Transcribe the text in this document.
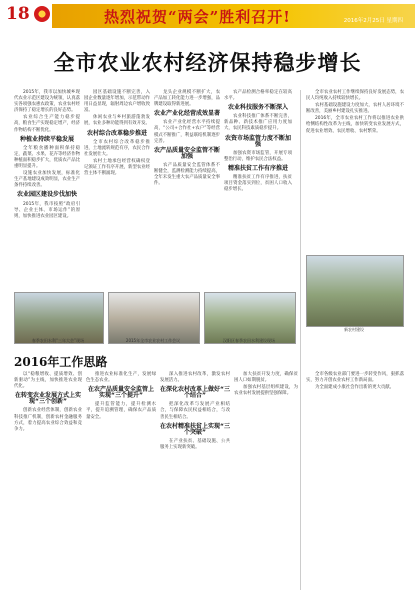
18	热烈祝贺“两会”胜利召开!	2016年2月25日 星期四
全市农业农村经济保持稳步增长

2015年，我市以加快城乡现代农业示范区建设为统领，认真落实各项强农惠农政策，农业农村经济保持了稳定增长的良好态势。

农业综合生产能力稳步提高，粮食生产实现稳定增产，经济作物结构不断优化。

种植业持续平稳发展

全年粮食播种面积保持稳定，蔬菜、水果、花卉等经济作物种植面积稳步扩大，优质农产品比重明显提升。

设施农业加快发展，标准化生产基地建设成效明显，农业生产条件持续改善。

农业园区建设步伐加快

2015年，我市按照“政府引导、企业主体、市场运作”的原则，加快推进农业园区建设。

园区基础设施不断完善，入园企业数量逐年增加，示范带动作用日益显现，辐射周边农户增收致富。

休闲农业与乡村旅游蓬勃发展，农业多种功能得到有效开发。

农村综合改革稳步推进

全市农村综合改革稳步推进，土地流转规范有序，农民合作社发展壮大。

农村土地承包经营权确权登记颁证工作有序开展，新型农业经营主体不断涌现。

龙头企业规模不断扩大，农产品加工转化能力进一步增强，品牌建设取得新进展。

农业产业化经营成效显著

农业产业化经营水平持续提高，“公司+合作社+农户”等经营模式不断推广，利益联结机制逐步完善。

农产品质量安全监管不断加强

农产品质量安全监管体系不断健全，监测检测能力持续提高，全年未发生重大农产品质量安全事件。

农产品检测合格率稳定在较高水平。

农业科技服务不断深入

农业科技推广体系不断完善，新品种、新技术推广应用力度加大，农民科技素质稳步提升。

农资市场监管力度不断加强

加强农资市场监管，开展专项整治行动，维护农民合法权益。

精准扶贫工作有序推进

精准扶贫工作有序推进，扶贫项目资金落实到位，贫困人口收入稳步增长。

全市农业农村工作继续保持良好发展态势，农民人均纯收入持续较快增长。

农村基础设施建设力度加大，农村人居环境不断改善，美丽乡村建设扎实推进。

2016年，全市农业农村工作将以推进农业供给侧结构性改革为主线，加快转变农业发展方式，促进农业增效、农民增收、农村繁荣。

春季农田水利“三年大会”现场	2015年全市农业农村工作会议	汉阳区春季农田水利建设现场
新农村建设
2016年工作思路

以“稳粮增收、提质增效、创新驱动”为主线，加快推进农业现代化。

在转变农业发展方式上实现“三个创新”

创新农业经营体制，创新农业科技推广机制，创新农村金融服务方式，着力提高农业综合效益和竞争力。

推进农业标准化生产，发展绿色生态农业。

在农产品质量安全监管上实现“三个提升”

提升监管能力，提升检测水平，提升追溯管理，确保农产品质量安全。

深入推进农村改革，激发农村发展活力。

在深化农村改革上做好“三个结合”

把深化改革与发展产业相结合，与保障农民权益相结合，与改善民生相结合。

在农村精准扶贫上实现“三个突破”

在产业扶贫、基础设施、公共服务上实现新突破。

加大扶贫开发力度，确保贫困人口如期脱贫。

加强农村基层组织建设，为农业农村发展提供坚强保障。

全市各级农业部门要进一步转变作风，狠抓落实，努力开创农业农村工作新局面。

为全面建成小康社会作出新的更大贡献。
